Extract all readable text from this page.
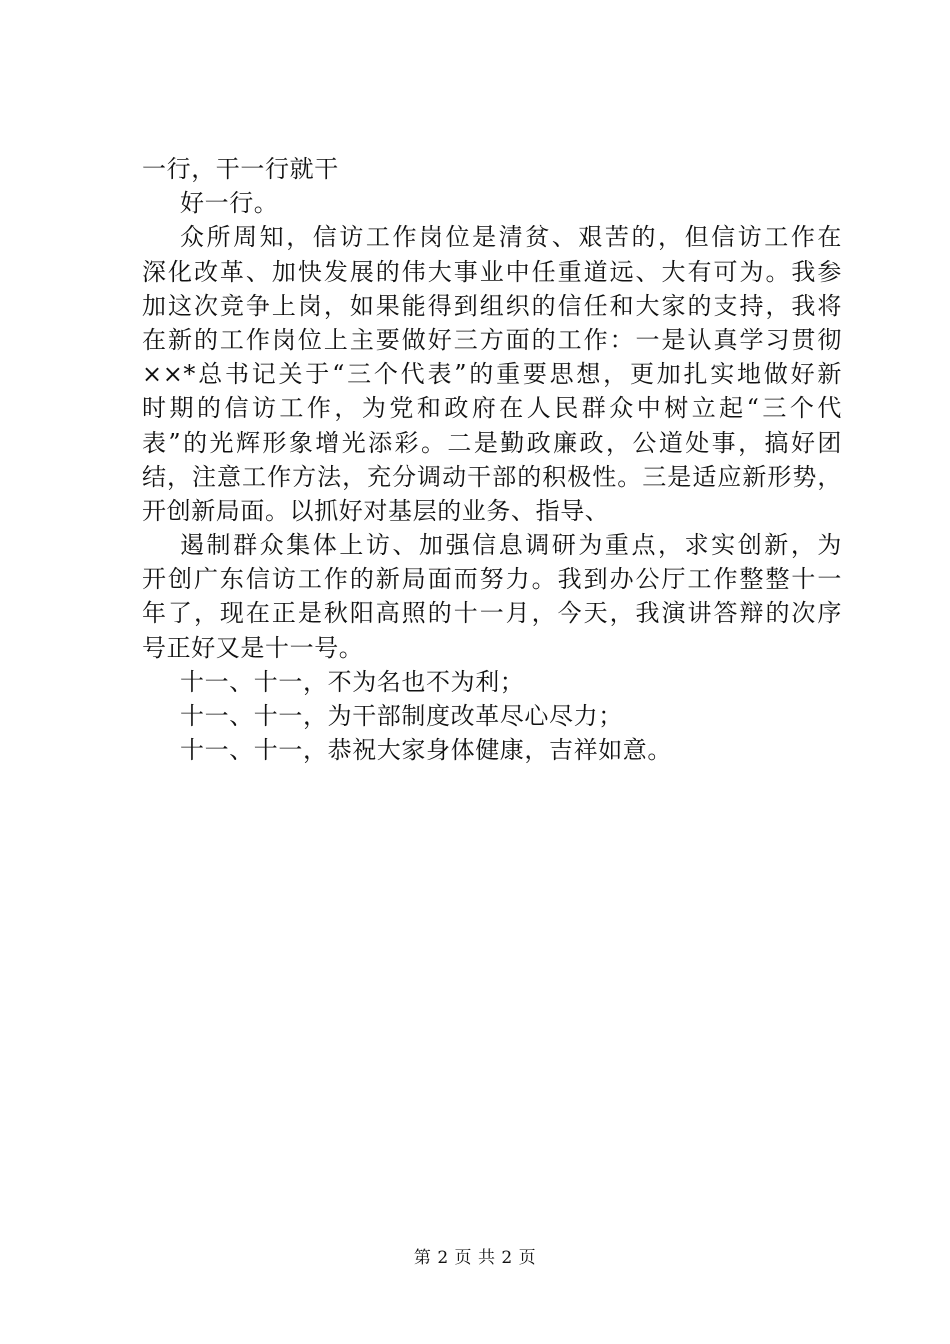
一行，干一行就干
好一行。
众所周知，信访工作岗位是清贫、艰苦的，但信访工作在
深化改革、加快发展的伟大事业中任重道远、大有可为。我参
加这次竞争上岗，如果能得到组织的信任和大家的支持，我将
在新的工作岗位上主要做好三方面的工作：一是认真学习贯彻
××*总书记关于“三个代表”的重要思想，更加扎实地做好新
时期的信访工作，为党和政府在人民群众中树立起“三个代
表”的光辉形象增光添彩。二是勤政廉政，公道处事，搞好团
结，注意工作方法，充分调动干部的积极性。三是适应新形势，
开创新局面。以抓好对基层的业务、指导、
遏制群众集体上访、加强信息调研为重点，求实创新，为
开创广东信访工作的新局面而努力。我到办公厅工作整整十一
年了，现在正是秋阳高照的十一月，今天，我演讲答辩的次序
号正好又是十一号。
十一、十一，不为名也不为利；
十一、十一，为干部制度改革尽心尽力；
十一、十一，恭祝大家身体健康，吉祥如意。
第 2 页 共 2 页
